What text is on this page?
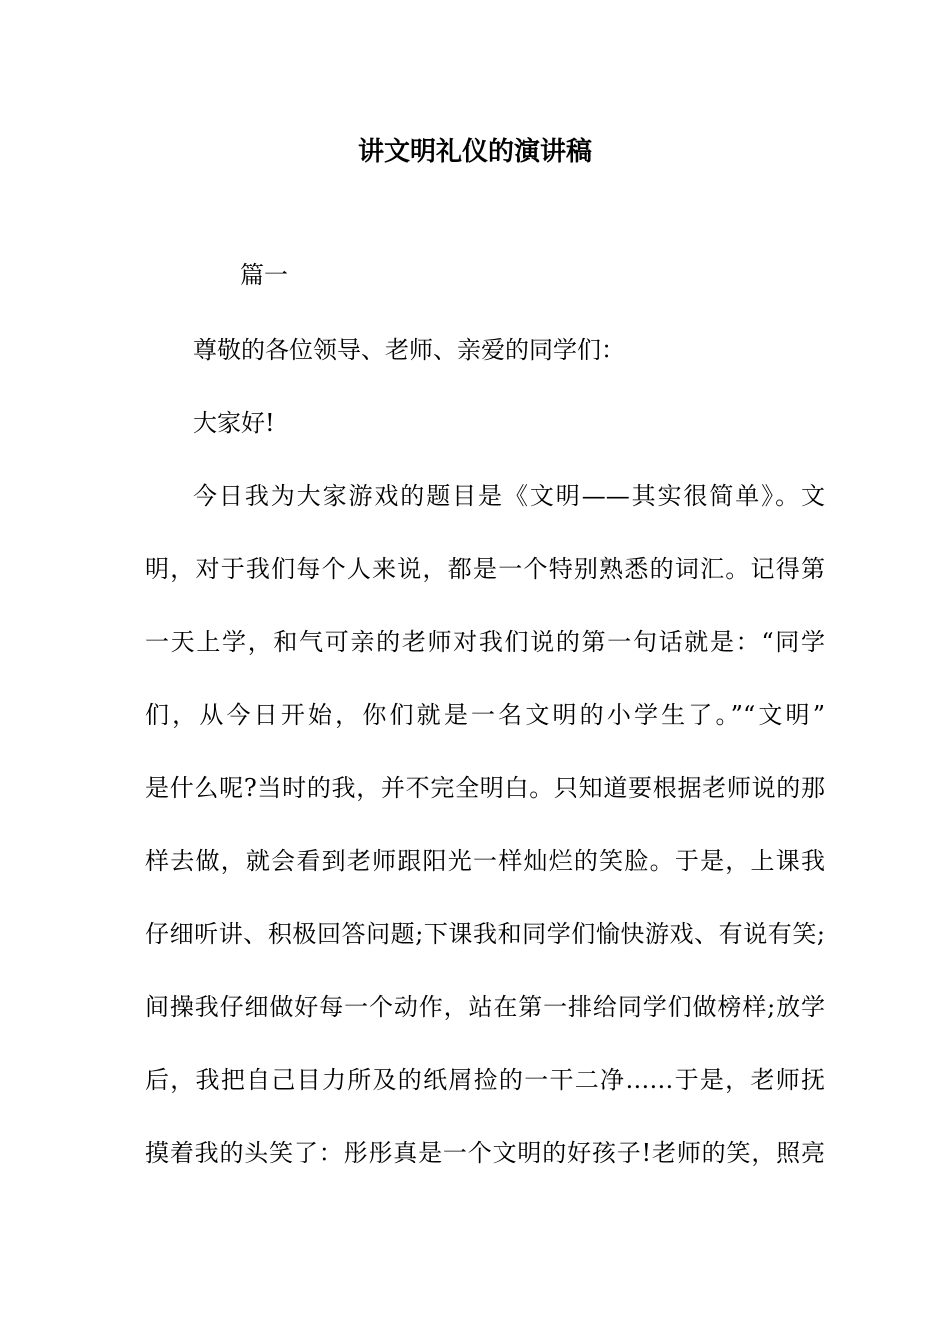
讲文明礼仪的演讲稿

篇一

尊敬的各位领导、老师、亲爱的同学们：

大家好!

今日我为大家游戏的题目是《文明——其实很简单》。文

明，对于我们每个人来说，都是一个特别熟悉的词汇。记得第

一天上学，和气可亲的老师对我们说的第一句话就是：“同学

们，从今日开始，你们就是一名文明的小学生了。”“文明”

是什么呢?当时的我，并不完全明白。只知道要根据老师说的那

样去做，就会看到老师跟阳光一样灿烂的笑脸。于是，上课我

仔细听讲、积极回答问题;下课我和同学们愉快游戏、有说有笑;

间操我仔细做好每一个动作，站在第一排给同学们做榜样;放学

后，我把自己目力所及的纸屑捡的一干二净……于是，老师抚

摸着我的头笑了：彤彤真是一个文明的好孩子!老师的笑，照亮
